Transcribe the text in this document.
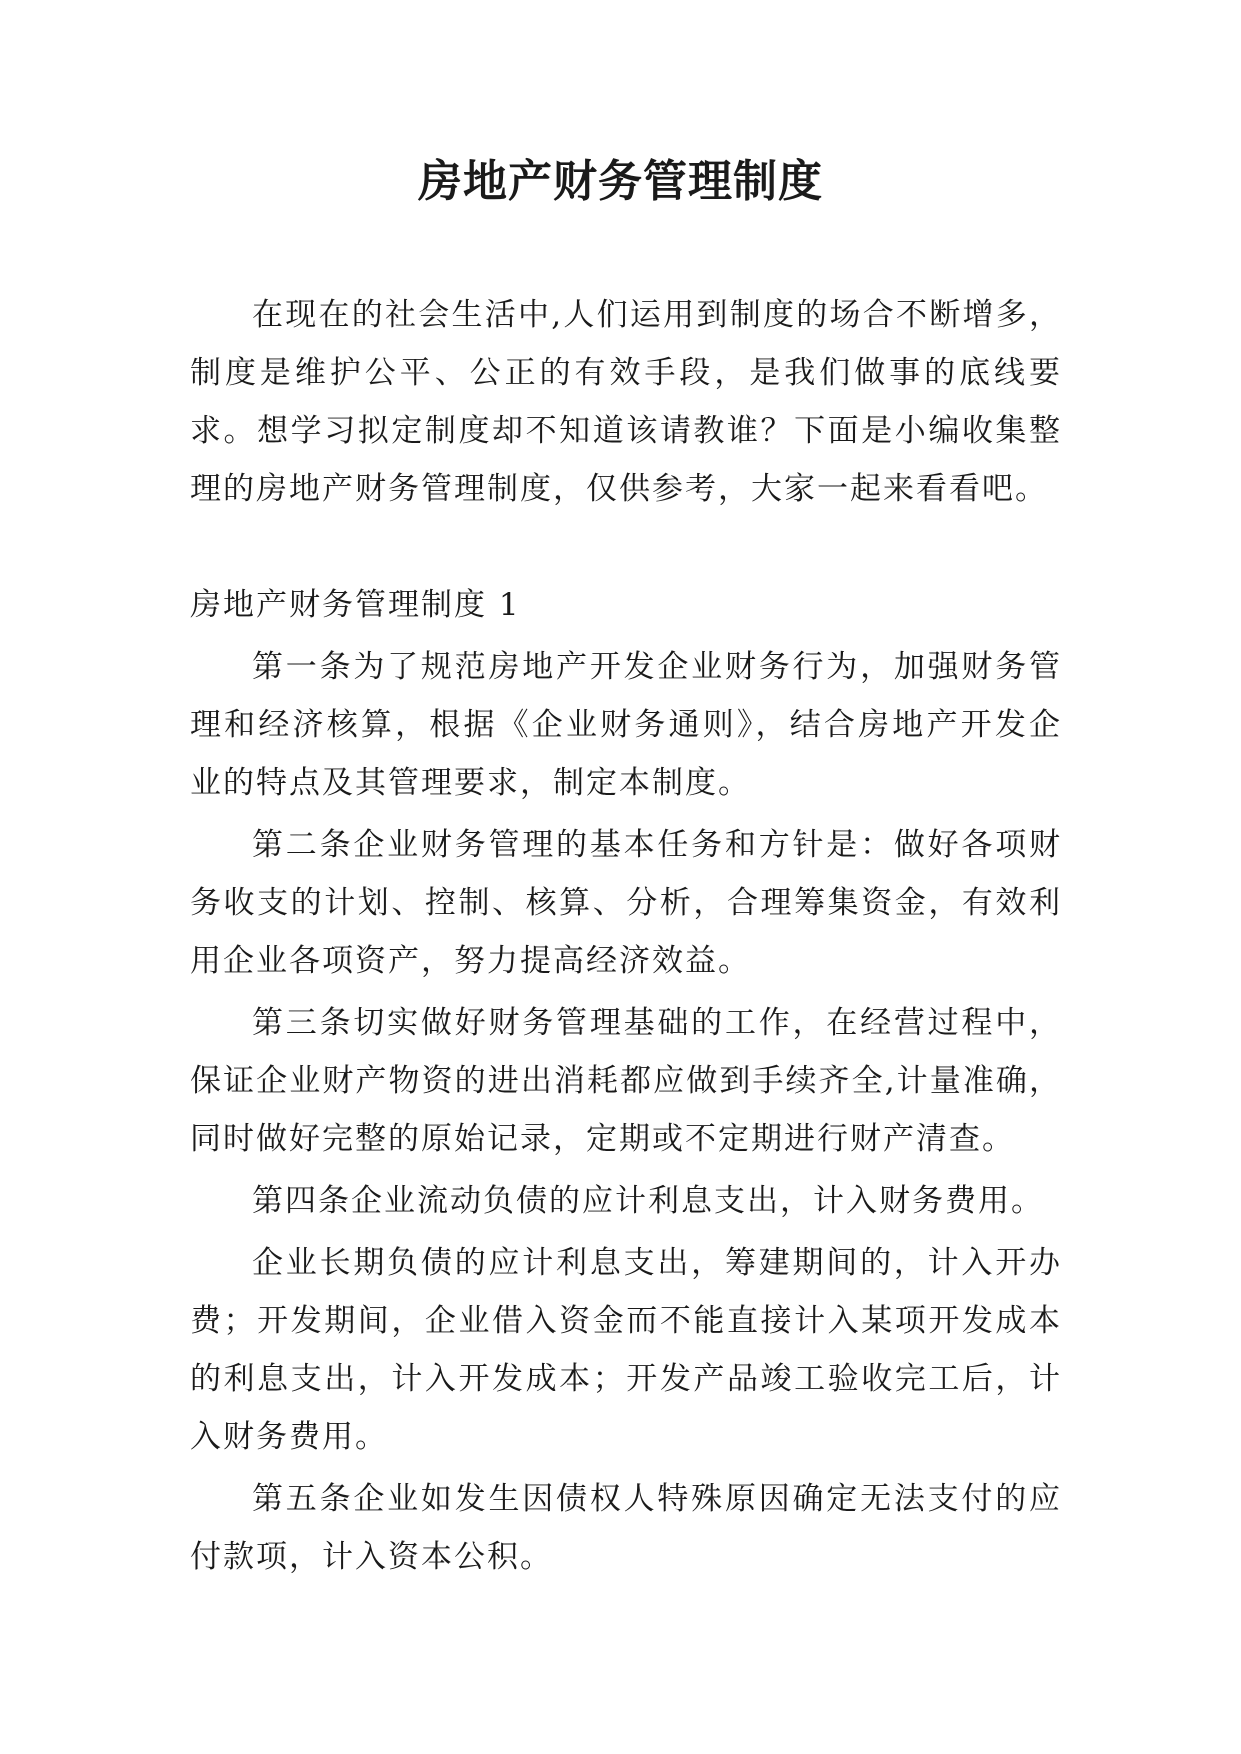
房地产财务管理制度

在现在的社会生活中,人们运用到制度的场合不断增多，制度是维护公平、公正的有效手段，是我们做事的底线要求。想学习拟定制度却不知道该请教谁？下面是小编收集整理的房地产财务管理制度，仅供参考，大家一起来看看吧。

房地产财务管理制度 1

第一条为了规范房地产开发企业财务行为，加强财务管理和经济核算，根据《企业财务通则》，结合房地产开发企业的特点及其管理要求，制定本制度。

第二条企业财务管理的基本任务和方针是：做好各项财务收支的计划、控制、核算、分析，合理筹集资金，有效利用企业各项资产，努力提高经济效益。

第三条切实做好财务管理基础的工作，在经营过程中，保证企业财产物资的进出消耗都应做到手续齐全,计量准确，同时做好完整的原始记录，定期或不定期进行财产清查。

第四条企业流动负债的应计利息支出，计入财务费用。

企业长期负债的应计利息支出，筹建期间的，计入开办费；开发期间，企业借入资金而不能直接计入某项开发成本的利息支出，计入开发成本；开发产品竣工验收完工后，计入财务费用。

第五条企业如发生因债权人特殊原因确定无法支付的应付款项，计入资本公积。
